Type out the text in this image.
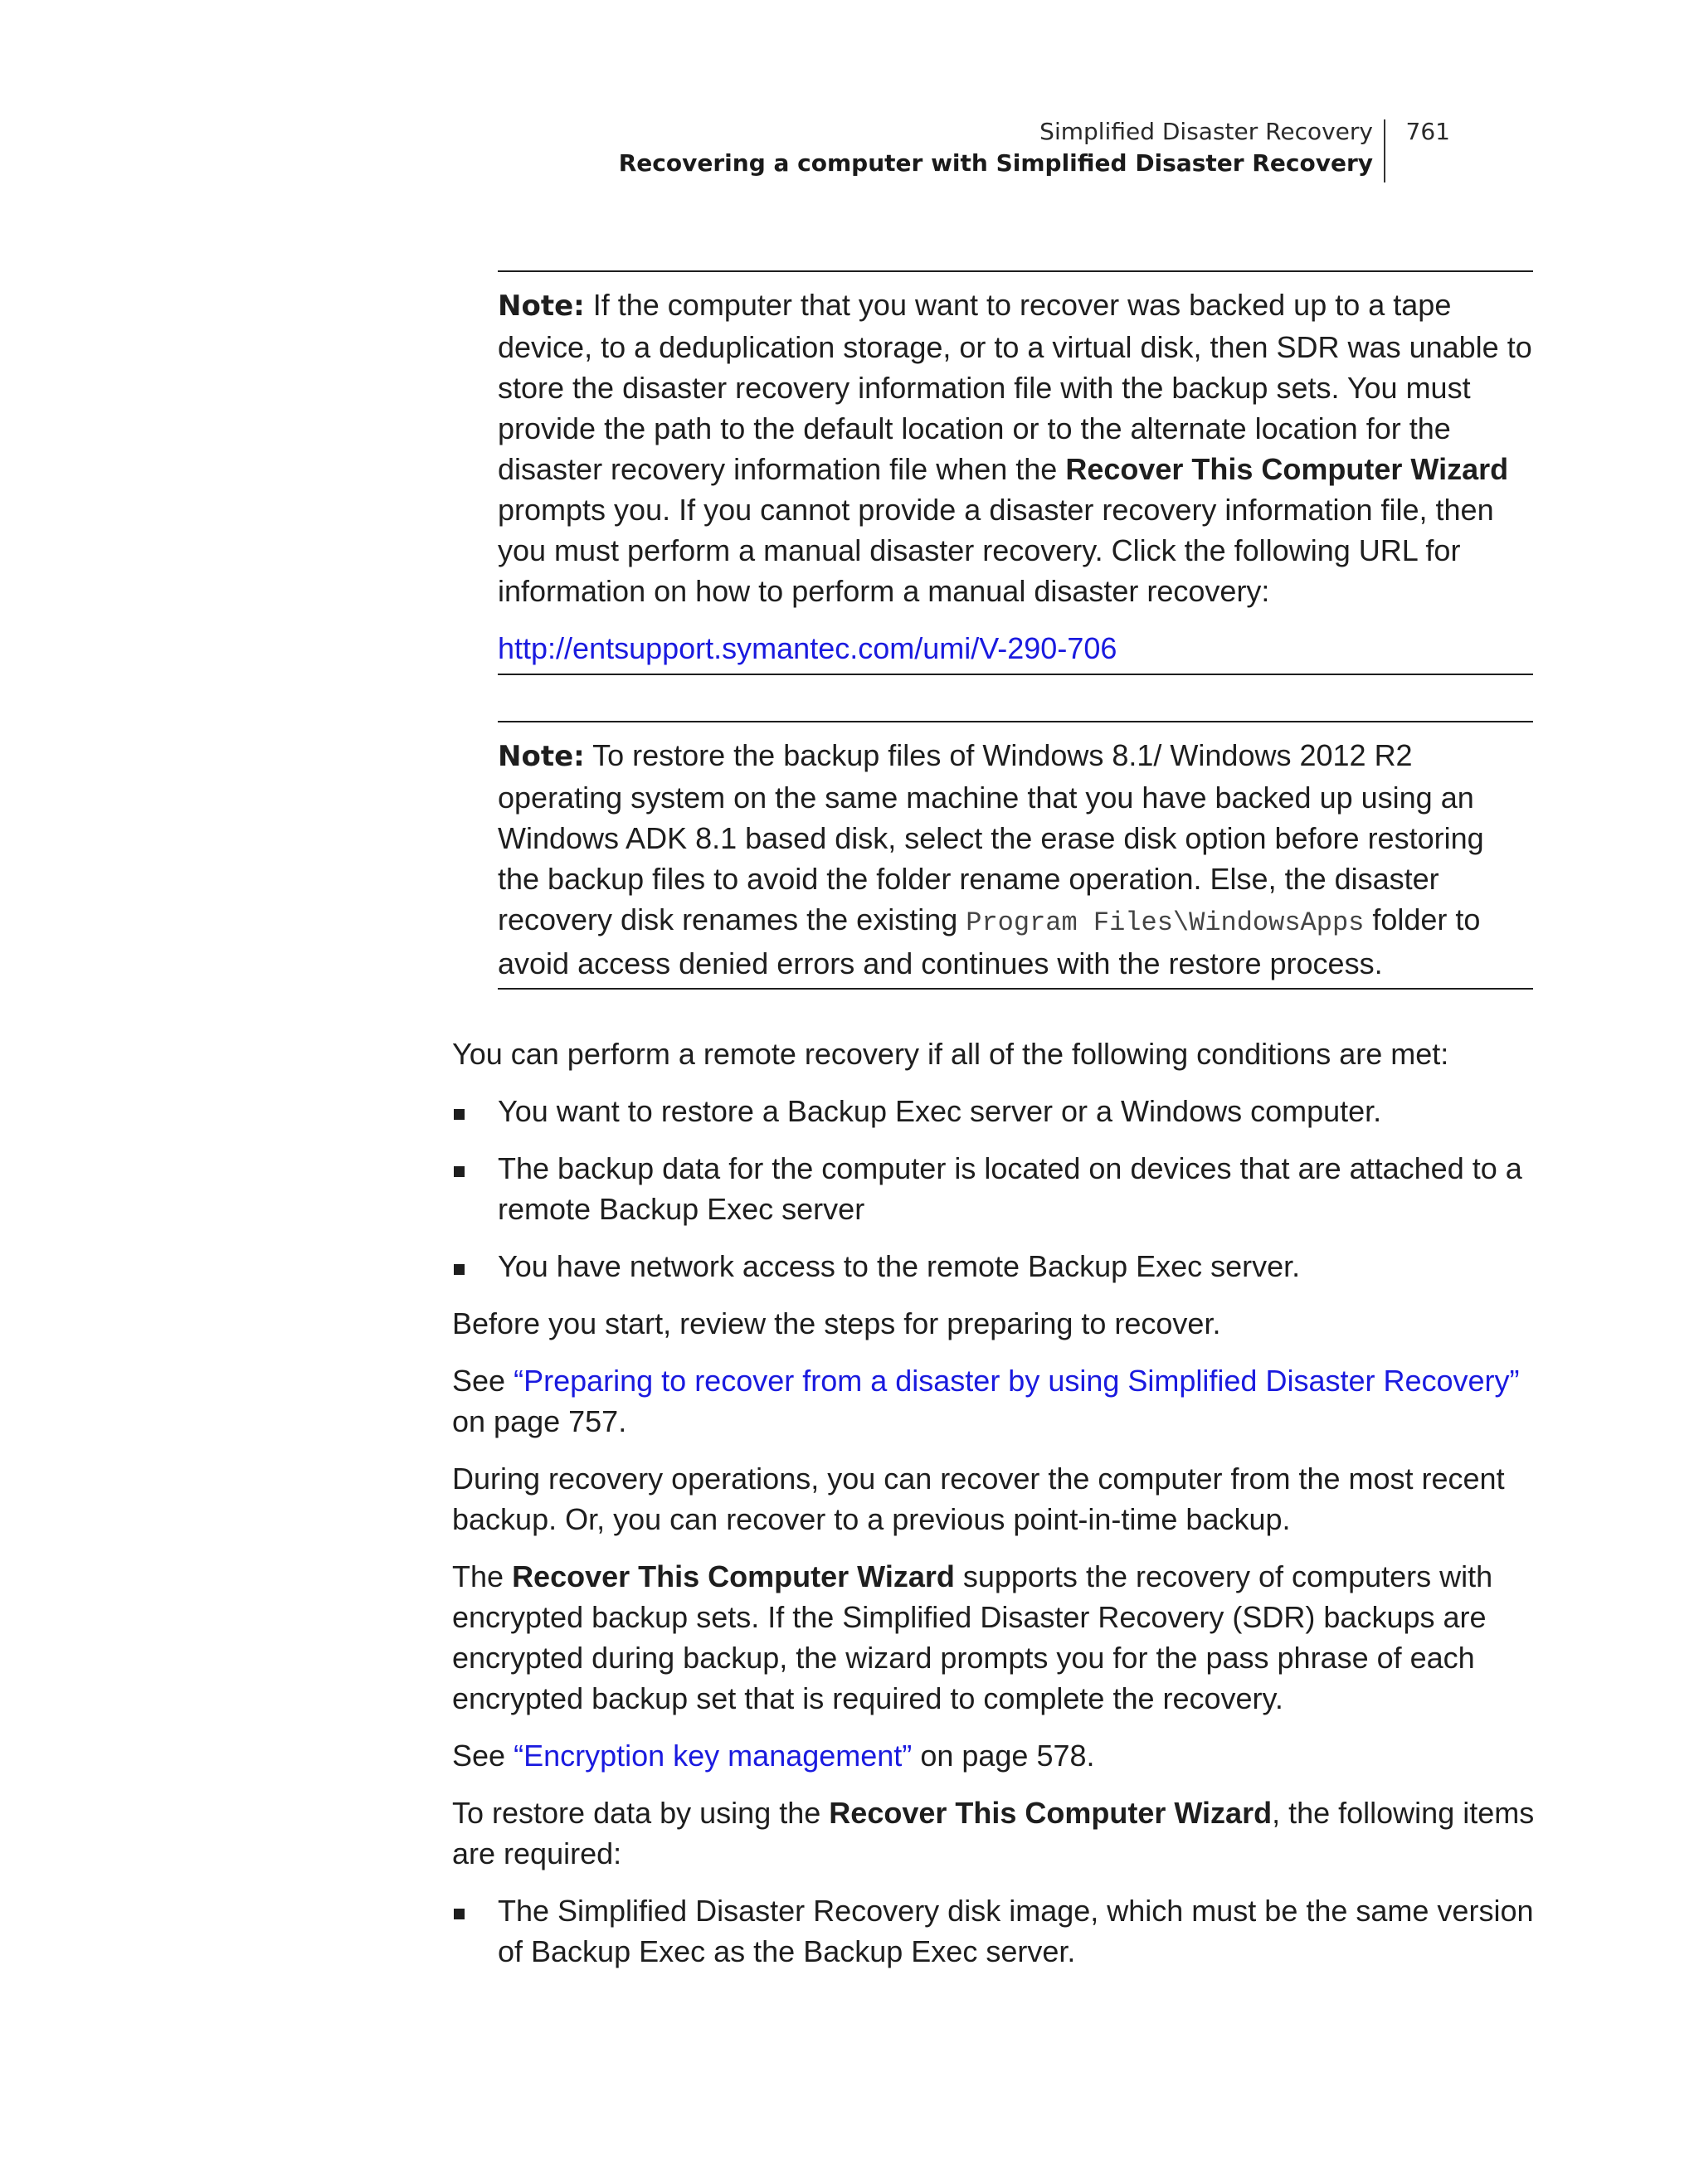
Simplified Disaster Recovery
Recovering a computer with Simplified Disaster Recovery
761

Note: If the computer that you want to recover was backed up to a tape device, to a deduplication storage, or to a virtual disk, then SDR was unable to store the disaster recovery information file with the backup sets. You must provide the path to the default location or to the alternate location for the disaster recovery information file when the Recover This Computer Wizard prompts you. If you cannot provide a disaster recovery information file, then you must perform a manual disaster recovery. Click the following URL for information on how to perform a manual disaster recovery:

http://entsupport.symantec.com/umi/V-290-706

Note: To restore the backup files of Windows 8.1/ Windows 2012 R2 operating system on the same machine that you have backed up using an Windows ADK 8.1 based disk, select the erase disk option before restoring the backup files to avoid the folder rename operation. Else, the disaster recovery disk renames the existing Program Files\WindowsApps folder to avoid access denied errors and continues with the restore process.

You can perform a remote recovery if all of the following conditions are met:

You want to restore a Backup Exec server or a Windows computer.
The backup data for the computer is located on devices that are attached to a remote Backup Exec server
You have network access to the remote Backup Exec server.

Before you start, review the steps for preparing to recover.

See “Preparing to recover from a disaster by using Simplified Disaster Recovery” on page 757.

During recovery operations, you can recover the computer from the most recent backup. Or, you can recover to a previous point-in-time backup.

The Recover This Computer Wizard supports the recovery of computers with encrypted backup sets. If the Simplified Disaster Recovery (SDR) backups are encrypted during backup, the wizard prompts you for the pass phrase of each encrypted backup set that is required to complete the recovery.

See “Encryption key management” on page 578.

To restore data by using the Recover This Computer Wizard, the following items are required:

The Simplified Disaster Recovery disk image, which must be the same version of Backup Exec as the Backup Exec server.
